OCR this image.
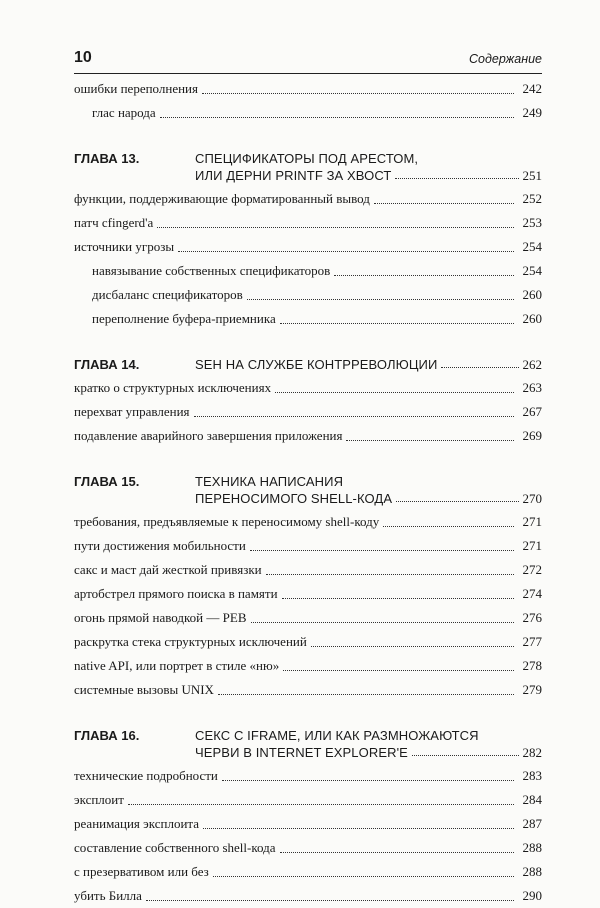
10	Содержание
ошибки переполнения	242
глас народа	249
ГЛАВА 13.	СПЕЦИФИКАТОРЫ ПОД АРЕСТОМ,
ИЛИ ДЕРНИ PRINTF ЗА ХВОСТ	251
функции, поддерживающие форматированный вывод	252
патч cfingerd'a	253
источники угрозы	254
навязывание собственных спецификаторов	254
дисбаланс спецификаторов	260
переполнение буфера-приемника	260
ГЛАВА 14.	SEH НА СЛУЖБЕ КОНТРРЕВОЛЮЦИИ	262
кратко о структурных исключениях	263
перехват управления	267
подавление аварийного завершения приложения	269
ГЛАВА 15.	ТЕХНИКА НАПИСАНИЯ
ПЕРЕНОСИМОГО SHELL-КОДА	270
требования, предъявляемые к переносимому shell-коду	271
пути достижения мобильности	271
сакс и маст дай жесткой привязки	272
артобстрел прямого поиска в памяти	274
огонь прямой наводкой — PEB	276
раскрутка стека структурных исключений	277
native API, или портрет в стиле «ню»	278
системные вызовы UNIX	279
ГЛАВА 16.	СЕКС С IFRAME, ИЛИ КАК РАЗМНОЖАЮТСЯ
ЧЕРВИ В INTERNET EXPLORER'E	282
технические подробности	283
эксплоит	284
реанимация эксплоита	287
составление собственного shell-кода	288
с презервативом или без	288
убить Билла	290
